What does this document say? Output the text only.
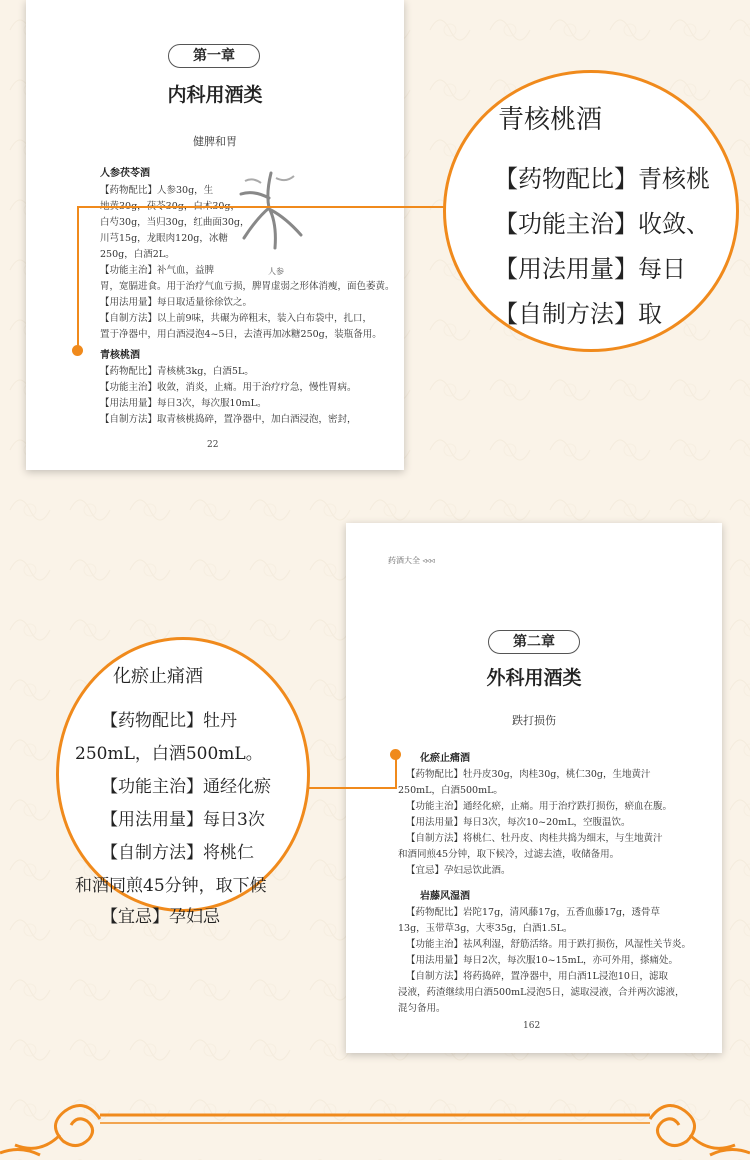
第一章
内科用酒类
健脾和胃
人参茯苓酒
【药物配比】人参30g，生
白芍30g，当归30g，红曲面30g，
川芎15g，龙眼肉120g，冰糖
250g，白酒2L。
【功能主治】补气血，益脾
胃，宽膈进食。用于治疗气血亏损，脾胃虚弱之形体消瘦，面色萎黄。
【用法用量】每日取适量徐徐饮之。
【自制方法】以上前9味，共碾为碎粗末，装入白布袋中，扎口，
置于净器中，用白酒浸泡4~5日，去渣再加冰糖250g，装瓶备用。
人参
青核桃酒
【药物配比】青核桃3kg，白酒5L。
【功能主治】收敛，消炎，止痛。用于治疗疗急，慢性胃病。
【用法用量】每日3次，每次服10mL。
【自制方法】取青核桃捣碎，置净器中，加白酒浸泡，密封，
22
青核桃酒
【药物配比】青核桃
【功能主治】收敛、
【用法用量】每日
【自制方法】取
药酒大全 ◃◃◃
第二章
外科用酒类
跌打损伤
化瘀止痛酒
【药物配比】牡丹皮30g，肉桂30g，桃仁30g，生地黄汁
250mL，白酒500mL。
【功能主治】通经化瘀，止痛。用于治疗跌打损伤，瘀血在腹。
【用法用量】每日3次，每次10~20mL，空腹温饮。
【自制方法】将桃仁、牡丹皮、肉桂共捣为细末，与生地黄汁
和酒同煎45分钟，取下候冷，过滤去渣，收储备用。
【宜忌】孕妇忌饮此酒。
岩藤风湿酒
【药物配比】岩陀17g，清风藤17g，五香血藤17g，透骨草
13g，玉带草3g，大枣35g，白酒1.5L。
【功能主治】祛风利湿，舒筋活络。用于跌打损伤，风湿性关节炎。
【用法用量】每日2次，每次服10~15mL，亦可外用，搽痛处。
【自制方法】将药捣碎，置净器中，用白酒1L浸泡10日，滤取
浸液，药渣继续用白酒500mL浸泡5日，滤取浸液，合并两次滤液，
混匀备用。
162
化瘀止痛酒
【药物配比】牡丹
250mL，白酒500mL。
【功能主治】通经化瘀
【用法用量】每日3次
【自制方法】将桃仁
和酒同煎45分钟，取下候
【宜忌】孕妇忌
